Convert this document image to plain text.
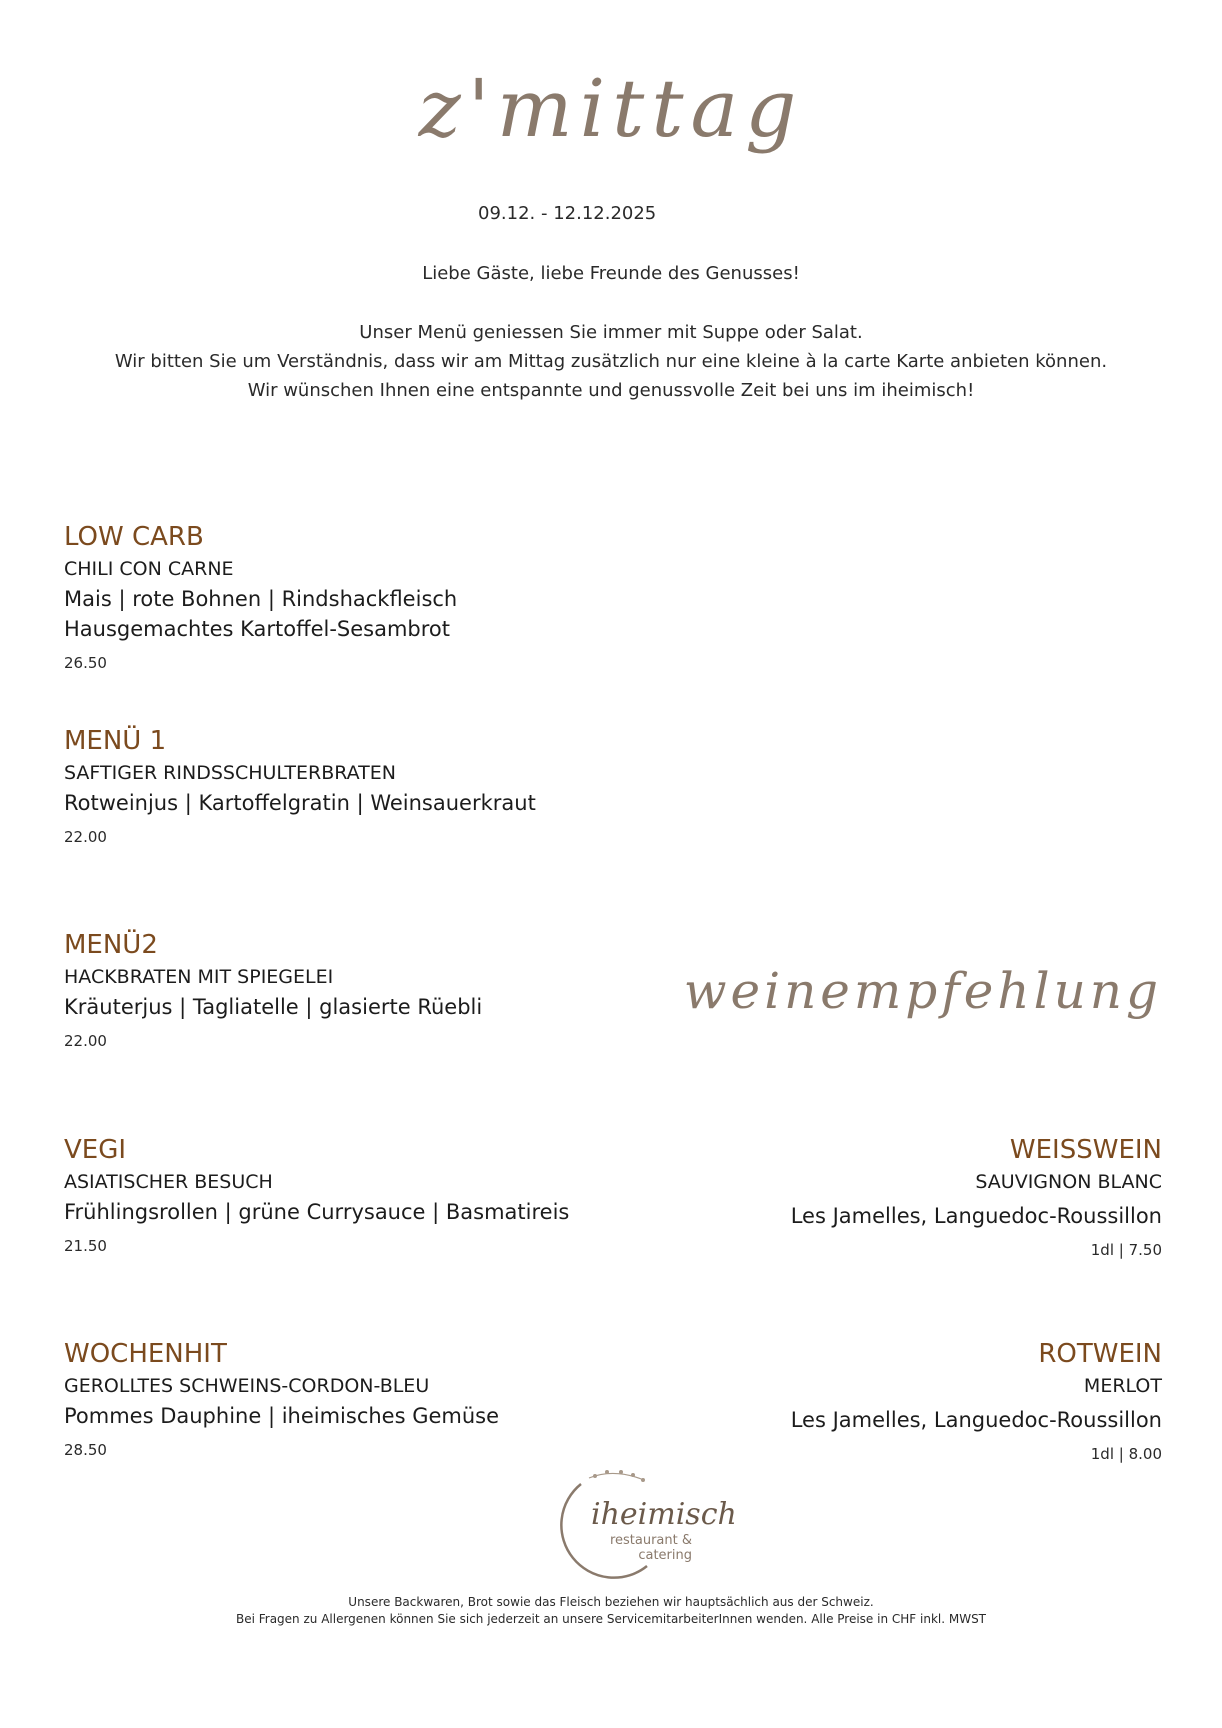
z'mittag
09.12. - 12.12.2025
Liebe Gäste, liebe Freunde des Genusses!
Unser Menü geniessen Sie immer mit Suppe oder Salat.
Wir bitten Sie um Verständnis, dass wir am Mittag zusätzlich nur eine kleine à la carte Karte anbieten können.
Wir wünschen Ihnen eine entspannte und genussvolle Zeit bei uns im iheimisch!
LOW CARB
CHILI CON CARNE
Mais | rote Bohnen | Rindshackfleisch
Hausgemachtes Kartoffel-Sesambrot
26.50
MENÜ 1
SAFTIGER RINDSSCHULTERBRATEN
Rotweinjus | Kartoffelgratin | Weinsauerkraut
22.00
MENÜ2
HACKBRATEN MIT SPIEGELEI
Kräuterjus | Tagliatelle | glasierte Rüebli
22.00
VEGI
ASIATISCHER BESUCH
Frühlingsrollen | grüne Currysauce | Basmatireis
21.50
WOCHENHIT
GEROLLTES SCHWEINS-CORDON-BLEU
Pommes Dauphine | iheimisches Gemüse
28.50
weinempfehlung
WEISSWEIN
SAUVIGNON BLANC
Les Jamelles, Languedoc-Roussillon
1dl | 7.50
ROTWEIN
MERLOT
Les Jamelles, Languedoc-Roussillon
1dl | 8.00
iheimisch
restaurant &
catering
Unsere Backwaren, Brot sowie das Fleisch beziehen wir hauptsächlich aus der Schweiz.
Bei Fragen zu Allergenen können Sie sich jederzeit an unsere ServicemitarbeiterInnen wenden. Alle Preise in CHF inkl. MWST
